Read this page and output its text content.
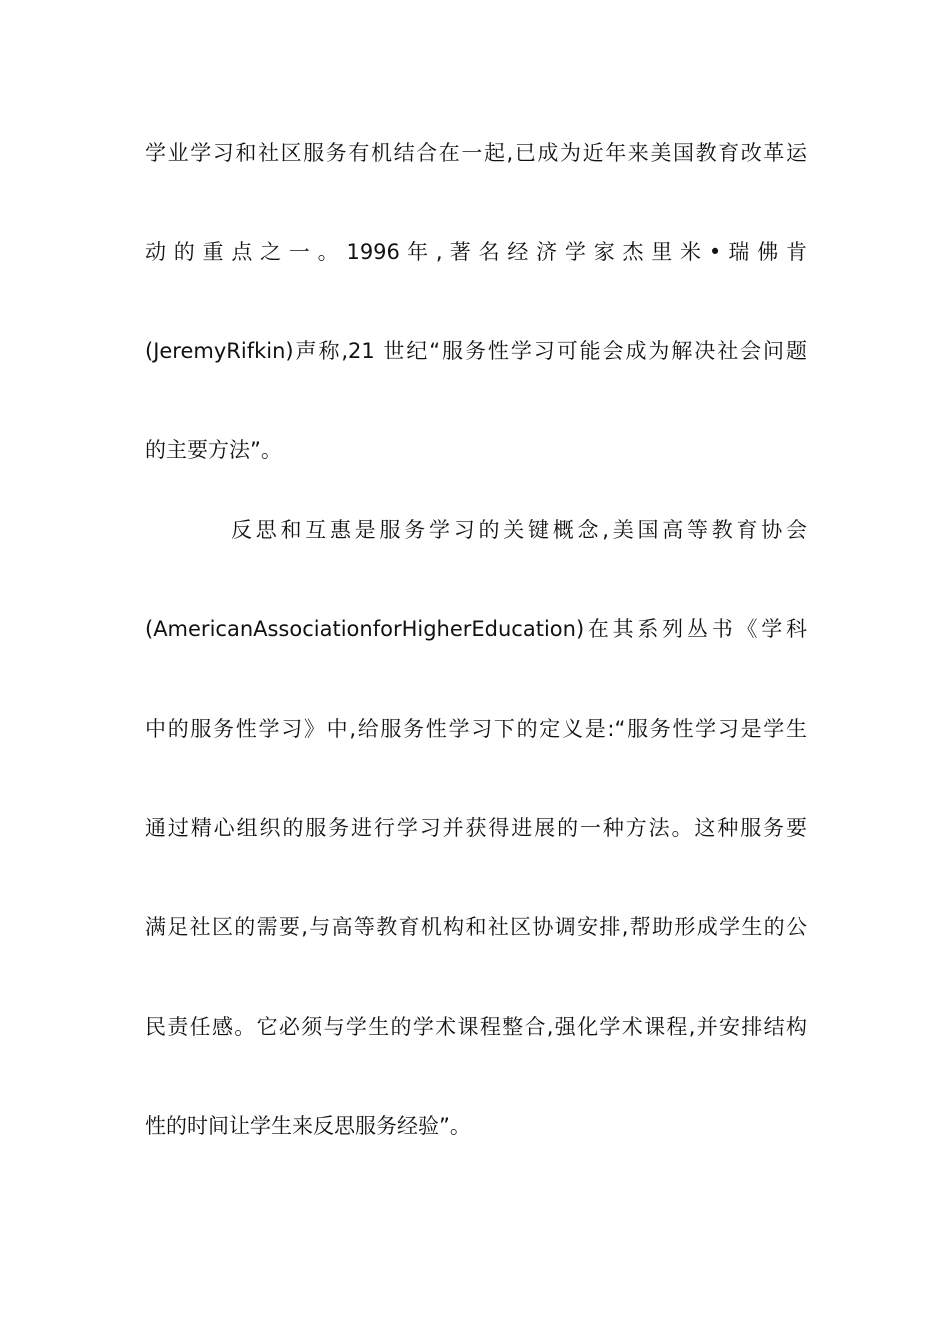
学业学习和社区服务有机结合在一起,已成为近年来美国教育改革运
动 的 重 点 之 一 。 1996 年 , 著 名 经 济 学 家 杰 里 米 • 瑞 佛 肯
(JeremyRifkin)声称,21 世纪“服务性学习可能会成为解决社会问题
的主要方法”。
反思和互惠是服务学习的关键概念,美国高等教育协会
(AmericanAssociationforHigherEducation)在其系列丛书《学科
中的服务性学习》中,给服务性学习下的定义是:“服务性学习是学生
通过精心组织的服务进行学习并获得进展的一种方法。这种服务要
满足社区的需要,与高等教育机构和社区协调安排,帮助形成学生的公
民责任感。它必须与学生的学术课程整合,强化学术课程,并安排结构
性的时间让学生来反思服务经验”。
